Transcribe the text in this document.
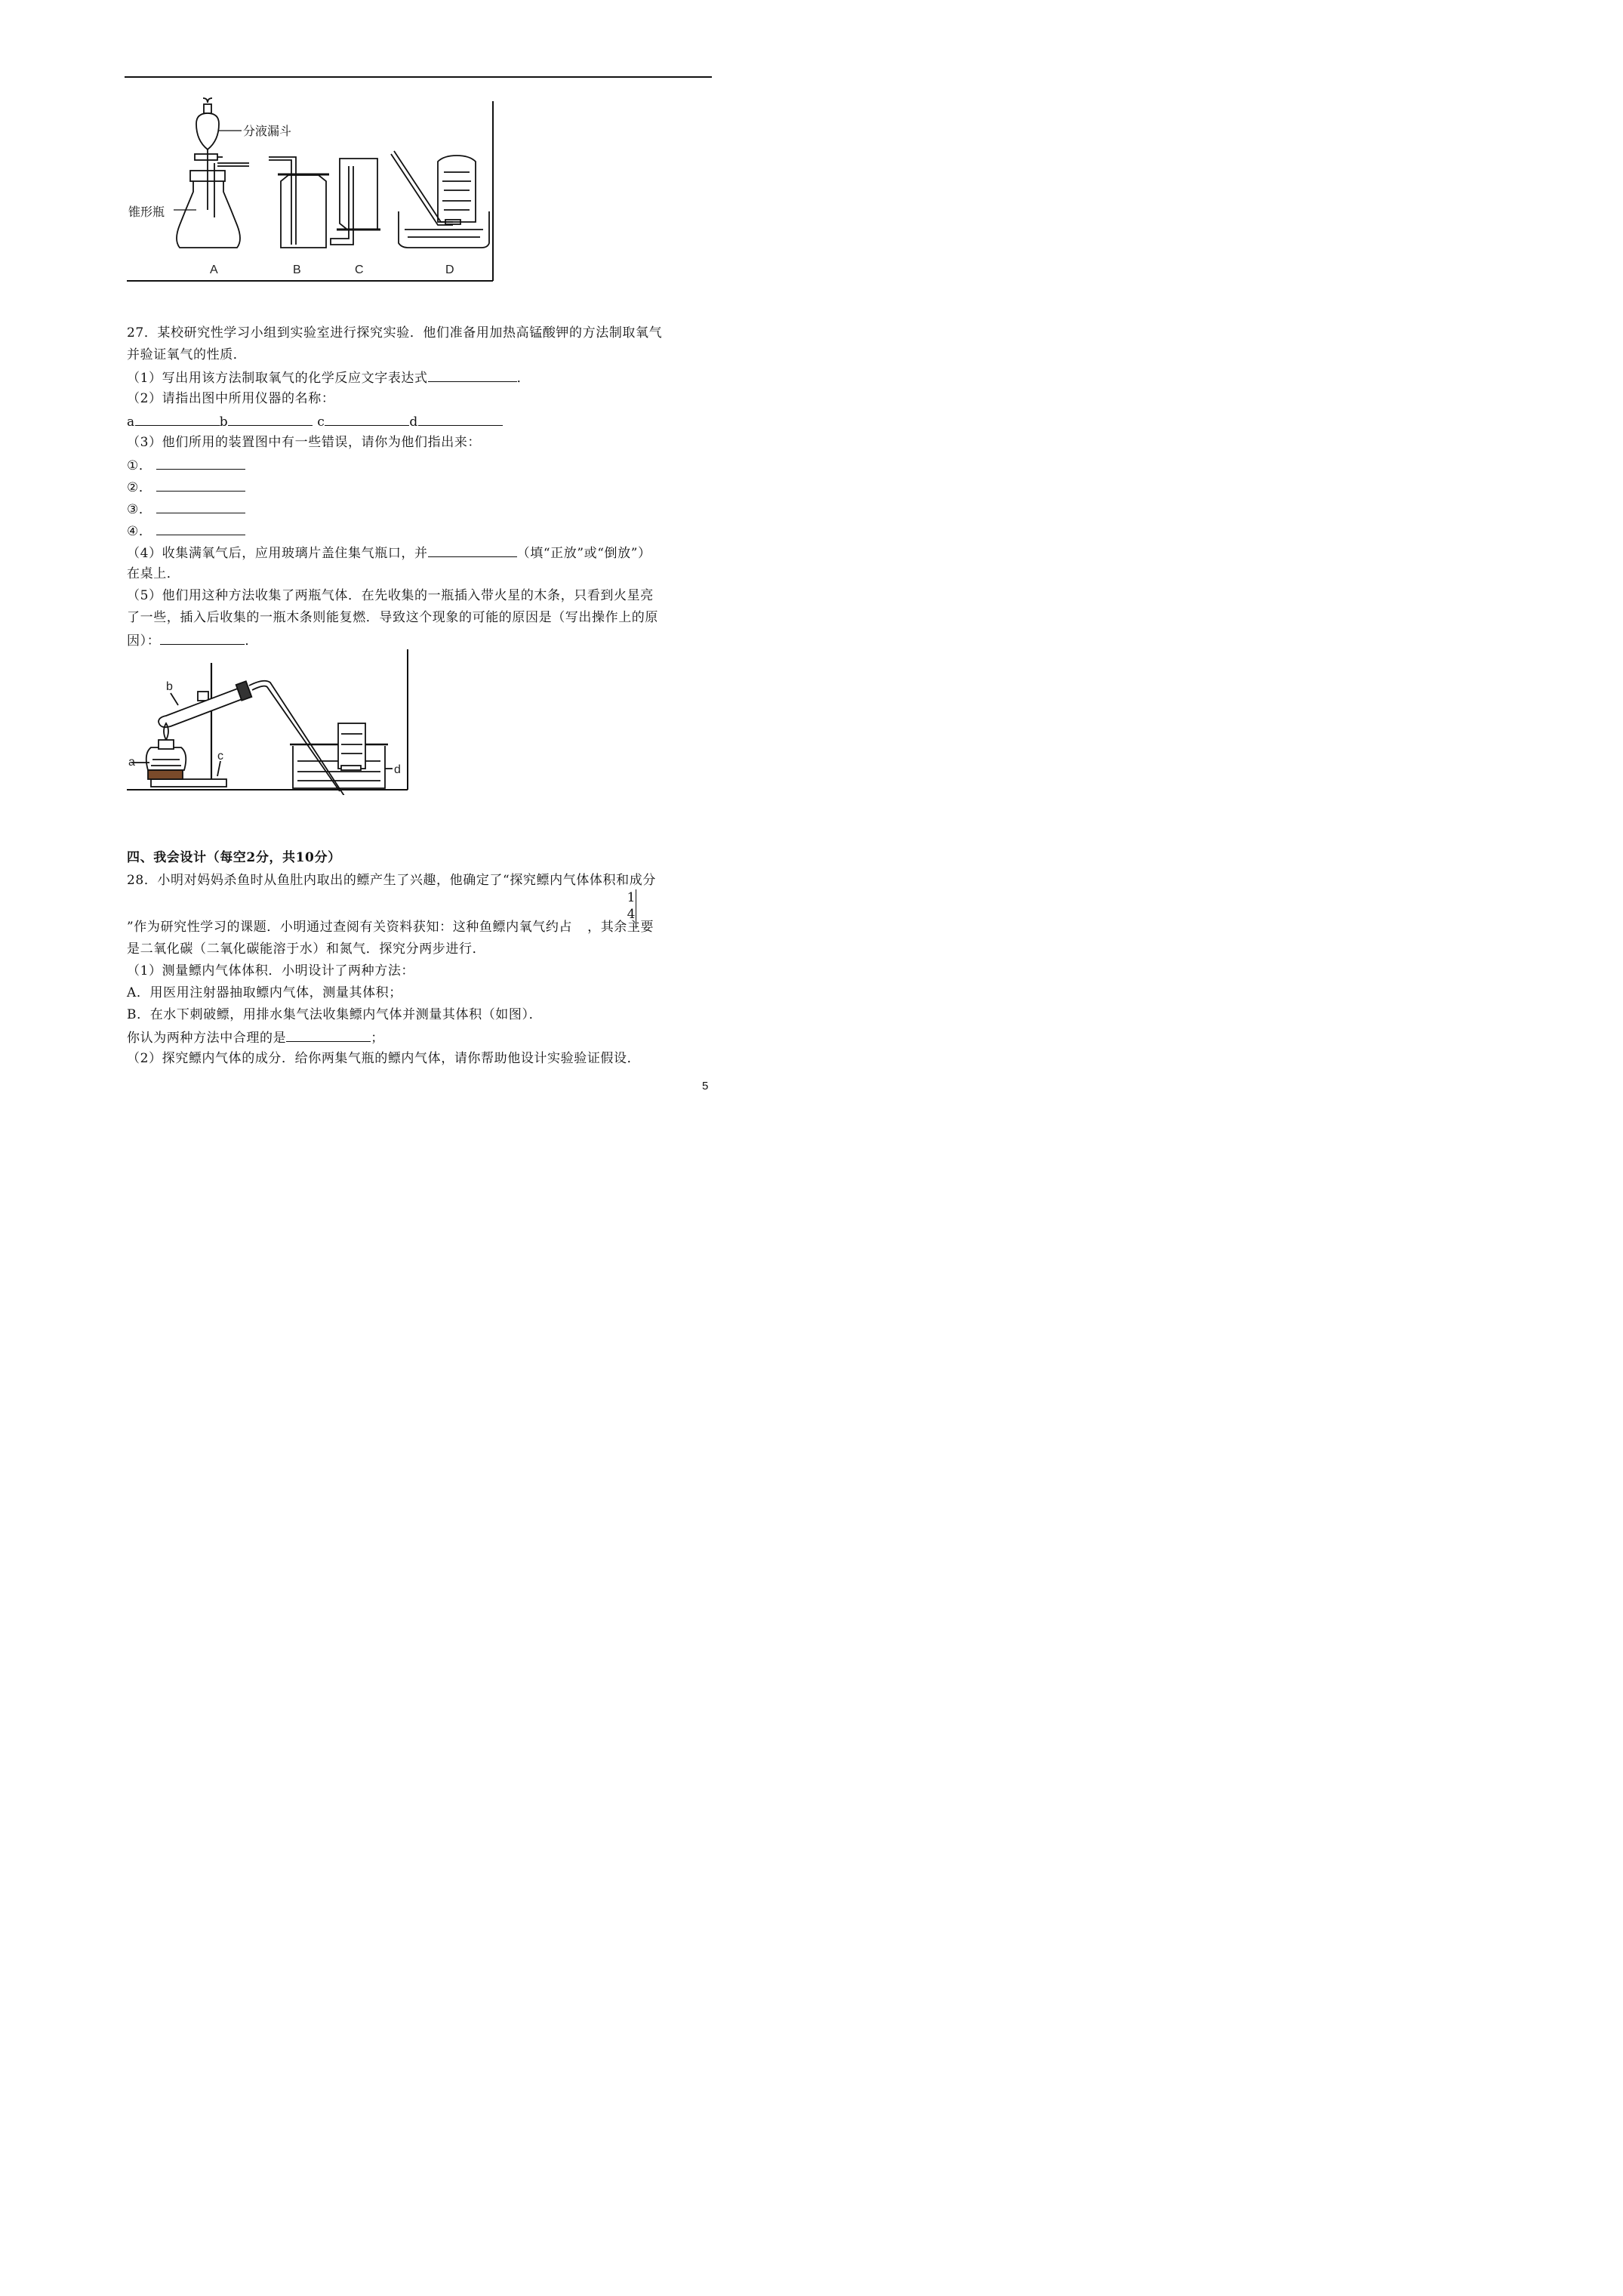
分液漏斗
锥形瓶
A	B	C	D
27．某校研究性学习小组到实验室进行探究实验．他们准备用加热高锰酸钾的方法制取氧气
并验证氧气的性质．
（1）写出用该方法制取氧气的化学反应文字表达式	．
（2）请指出图中所用仪器的名称：
a	b	c	d
（3）他们所用的装置图中有一些错误，请你为他们指出来：
①．
②．
③．
④．
（4）收集满氧气后，应用玻璃片盖住集气瓶口，并	（填“正放”或“倒放”）
在桌上．
（5）他们用这种方法收集了两瓶气体．在先收集的一瓶插入带火星的木条，只看到火星亮
了一些，插入后收集的一瓶木条则能复燃．导致这个现象的可能的原因是（写出操作上的原
因）：	．
b
a	c
d
四、我会设计（每空2分，共10分）
28．小明对妈妈杀鱼时从鱼肚内取出的鳔产生了兴趣，他确定了“探究鳔内气体体积和成分
1
4
”作为研究性学习的课题．小明通过查阅有关资料获知：这种鱼鳔内氧气约占 ，其余主要
是二氧化碳（二氧化碳能溶于水）和氮气．探究分两步进行．
（1）测量鳔内气体体积．小明设计了两种方法：
A．用医用注射器抽取鳔内气体，测量其体积；
B．在水下刺破鳔，用排水集气法收集鳔内气体并测量其体积（如图）．
你认为两种方法中合理的是	；
（2）探究鳔内气体的成分．给你两集气瓶的鳔内气体，请你帮助他设计实验验证假设．
5
